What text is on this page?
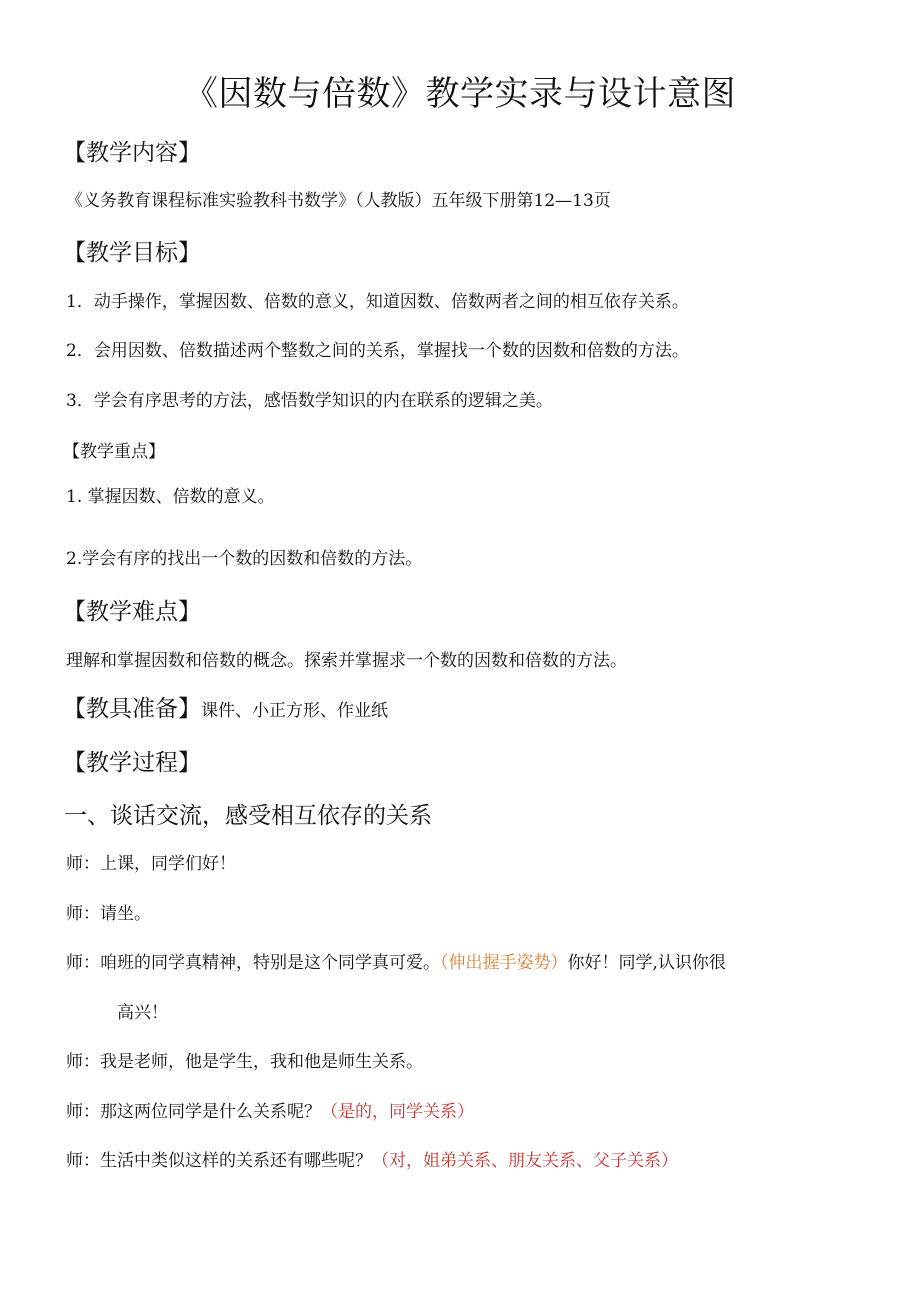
《因数与倍数》教学实录与设计意图
【教学内容】
《义务教育课程标准实验教科书数学》（人教版）五年级下册第12—13页
【教学目标】
1．动手操作，掌握因数、倍数的意义，知道因数、倍数两者之间的相互依存关系。
2．会用因数、倍数描述两个整数之间的关系，掌握找一个数的因数和倍数的方法。
3．学会有序思考的方法，感悟数学知识的内在联系的逻辑之美。
【教学重点】
1. 掌握因数、倍数的意义。
2.学会有序的找出一个数的因数和倍数的方法。
【教学难点】
理解和掌握因数和倍数的概念。探索并掌握求一个数的因数和倍数的方法。
【教具准备】课件、小正方形、作业纸
【教学过程】
一、谈话交流，感受相互依存的关系
师：上课，同学们好！
师：请坐。
师：咱班的同学真精神，特别是这个同学真可爱。（伸出握手姿势）你好！同学,认识你很
高兴！
师：我是老师，他是学生，我和他是师生关系。
师：那这两位同学是什么关系呢？（是的，同学关系）
师：生活中类似这样的关系还有哪些呢？（对，姐弟关系、朋友关系、父子关系）
